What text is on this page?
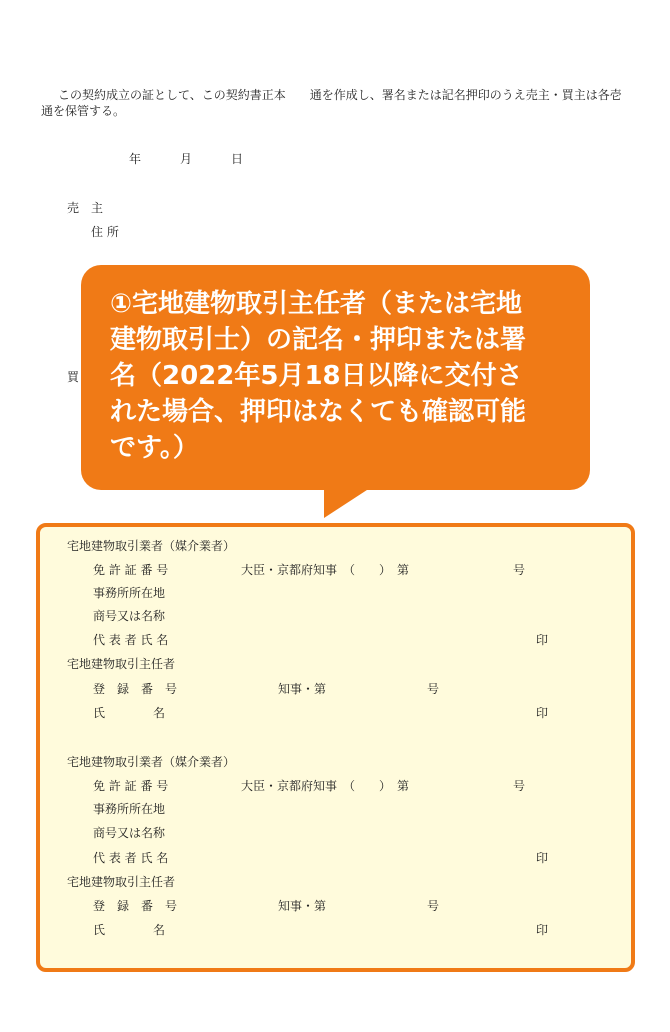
この契約成立の証として、この契約書正本　　通を作成し、署名または記名押印のうえ売主・買主は各壱
通を保管する。
年	月	日
売　主
住 所
買
①宅地建物取引主任者（または宅地
建物取引士）の記名・押印または署
名（2022年5月18日以降に交付さ
れた場合、押印はなくても確認可能
です。）
宅地建物取引業者（媒介業者）
免 許 証 番 号	大臣・京都府知事　（　　）　第	号
事務所所在地
商号又は名称
代 表 者 氏 名	印
宅地建物取引主任者
登　録　番　号	知事・第	号
氏　　　　名	印
宅地建物取引業者（媒介業者）
免 許 証 番 号	大臣・京都府知事　（　　）　第	号
事務所所在地
商号又は名称
代 表 者 氏 名	印
宅地建物取引主任者
登　録　番　号	知事・第	号
氏　　　　名	印
